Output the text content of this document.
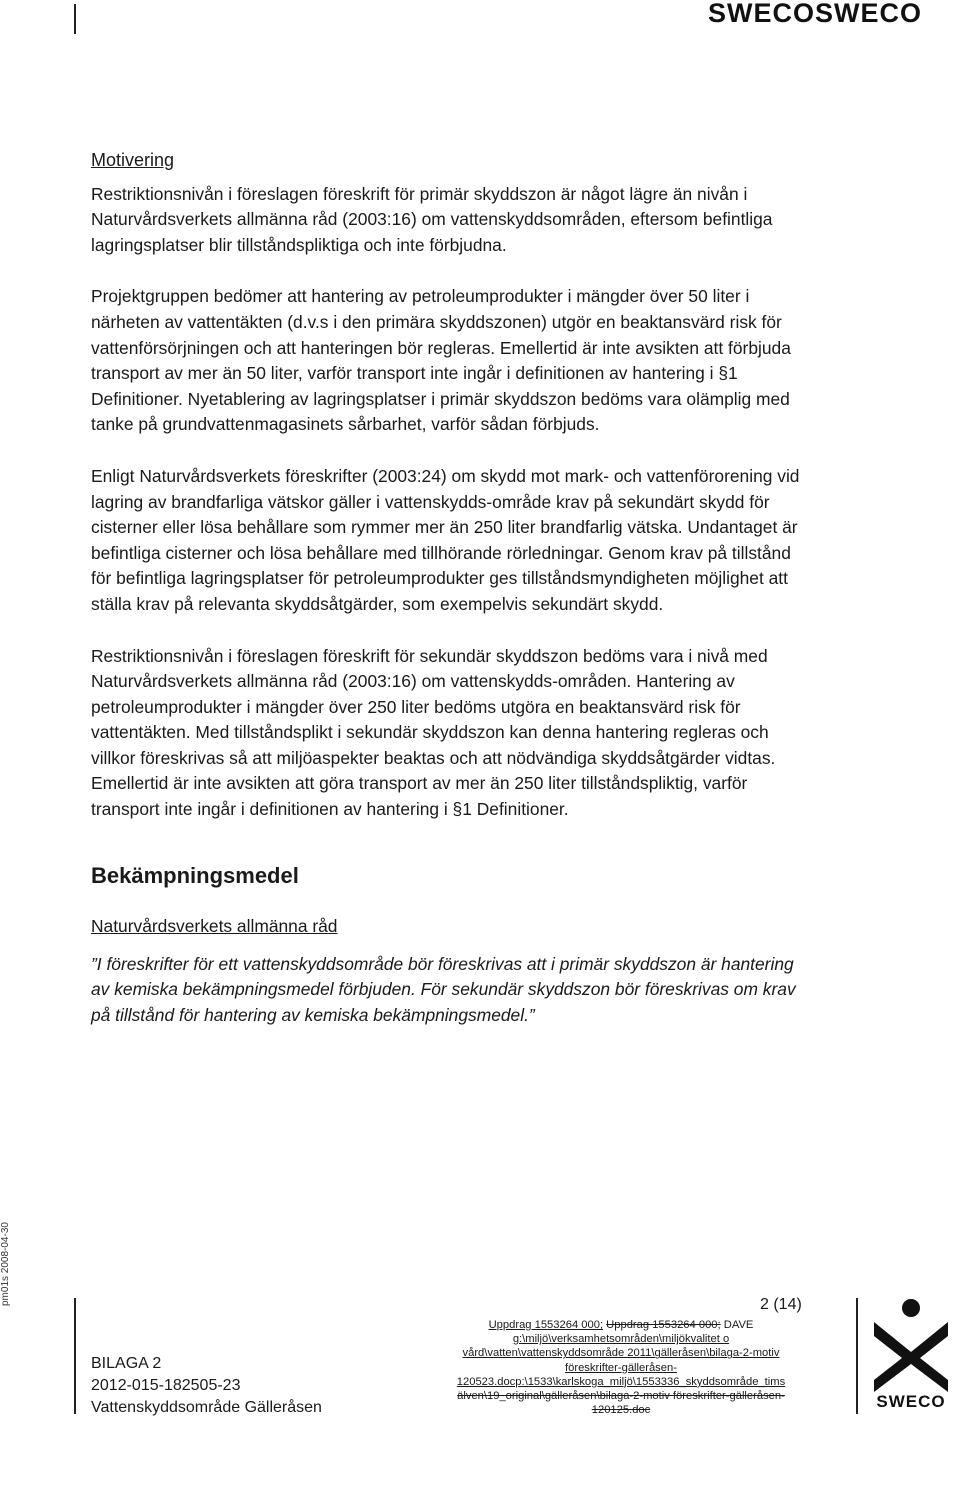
SWECOSWECO
Motivering

Restriktionsnivån i föreslagen föreskrift för primär skyddszon är något lägre än nivån i Naturvårdsverkets allmänna råd (2003:16) om vattenskyddsområden, eftersom befintliga lagringsplatser blir tillståndspliktiga och inte förbjudna.

Projektgruppen bedömer att hantering av petroleumprodukter i mängder över 50 liter i närheten av vattentäkten (d.v.s i den primära skyddszonen) utgör en beaktansvärd risk för vattenförsörjningen och att hanteringen bör regleras. Emellertid är inte avsikten att förbjuda transport av mer än 50 liter, varför transport inte ingår i definitionen av hantering i §1 Definitioner. Nyetablering av lagringsplatser i primär skyddszon bedöms vara olämplig med tanke på grundvattenmagasinets sårbarhet, varför sådan förbjuds.

Enligt Naturvårdsverkets föreskrifter (2003:24) om skydd mot mark- och vattenförorening vid lagring av brandfarliga vätskor gäller i vattenskydds-område krav på sekundärt skydd för cisterner eller lösa behållare som rymmer mer än 250 liter brandfarlig vätska. Undantaget är befintliga cisterner och lösa behållare med tillhörande rörledningar. Genom krav på tillstånd för befintliga lagringsplatser för petroleumprodukter ges tillståndsmyndigheten möjlighet att ställa krav på relevanta skyddsåtgärder, som exempelvis sekundärt skydd.

Restriktionsnivån i föreslagen föreskrift för sekundär skyddszon bedöms vara i nivå med Naturvårdsverkets allmänna råd (2003:16) om vattenskydds-områden. Hantering av petroleumprodukter i mängder över 250 liter bedöms utgöra en beaktansvärd risk för vattentäkten. Med tillståndsplikt i sekundär skyddszon kan denna hantering regleras och villkor föreskrivas så att miljöaspekter beaktas och att nödvändiga skyddsåtgärder vidtas. Emellertid är inte avsikten att göra transport av mer än 250 liter tillståndspliktig, varför transport inte ingår i definitionen av hantering i §1 Definitioner.

Bekämpningsmedel
Naturvårdsverkets allmänna råd

”I föreskrifter för ett vattenskyddsområde bör föreskrivas att i primär skyddszon är hantering av kemiska bekämpningsmedel förbjuden. För sekundär skyddszon bör föreskrivas om krav på tillstånd för hantering av kemiska bekämpningsmedel.”

pm01s 2008-04-30	2 (14)
BILAGA 2
2012-015-182505-23
Vattenskyddsområde Gälleråsen
Uppdrag 1553264 000; Uppdrag 1553264 000; DAVE
g:\miljö\verksamhetsområden\miljökvalitet o
vård\vatten\vattenskyddsområde 2011\gälleråsen\bilaga-2-motiv
föreskrifter-gälleråsen-
120523.docp:\1533\karlskoga_miljö\1553336_skyddsområde_tims
älven\19_original\gälleråsen\bilaga-2-motiv föreskrifter-gälleråsen-
120125.doc	SWECO
